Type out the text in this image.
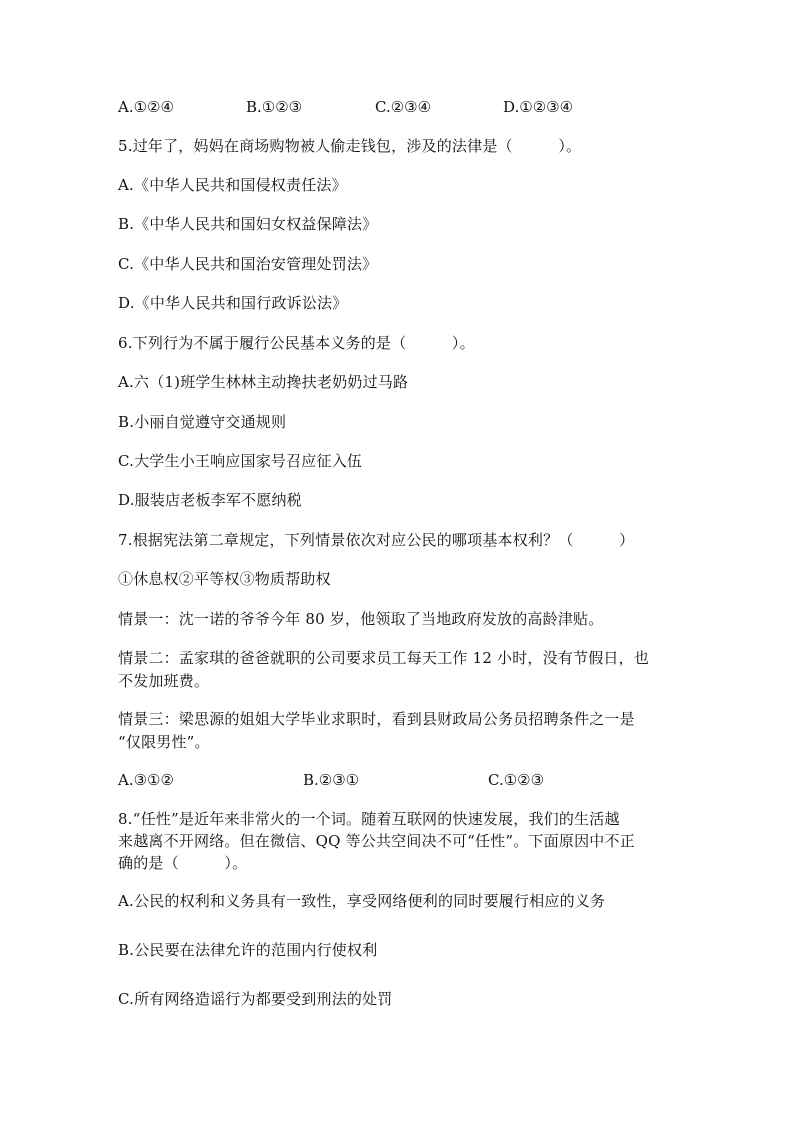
A.①②④	B.①②③	C.②③④	D.①②③④
5.过年了，妈妈在商场购物被人偷走钱包，涉及的法律是（　　　）。
A.《中华人民共和国侵权责任法》
B.《中华人民共和国妇女权益保障法》
C.《中华人民共和国治安管理处罚法》
D.《中华人民共和国行政诉讼法》
6.下列行为不属于履行公民基本义务的是（　　　）。
A.六（1)班学生林林主动搀扶老奶奶过马路
B.小丽自觉遵守交通规则
C.大学生小王响应国家号召应征入伍
D.服装店老板李军不愿纳税
7.根据宪法第二章规定，下列情景依次对应公民的哪项基本权利？（　　　）
①休息权②平等权③物质帮助权
情景一：沈一诺的爷爷今年 80 岁，他领取了当地政府发放的高龄津贴。
情景二：孟家琪的爸爸就职的公司要求员工每天工作 12 小时，没有节假日，也
不发加班费。
情景三：梁思源的姐姐大学毕业求职时，看到县财政局公务员招聘条件之一是
“仅限男性”。
A.③①②	B.②③①	C.①②③
8.“任性”是近年来非常火的一个词。随着互联网的快速发展，我们的生活越
来越离不开网络。但在微信、QQ 等公共空间决不可“任性”。下面原因中不正
确的是（　　　）。
A.公民的权利和义务具有一致性，享受网络便利的同时要履行相应的义务
B.公民要在法律允许的范围内行使权利
C.所有网络造谣行为都要受到刑法的处罚
